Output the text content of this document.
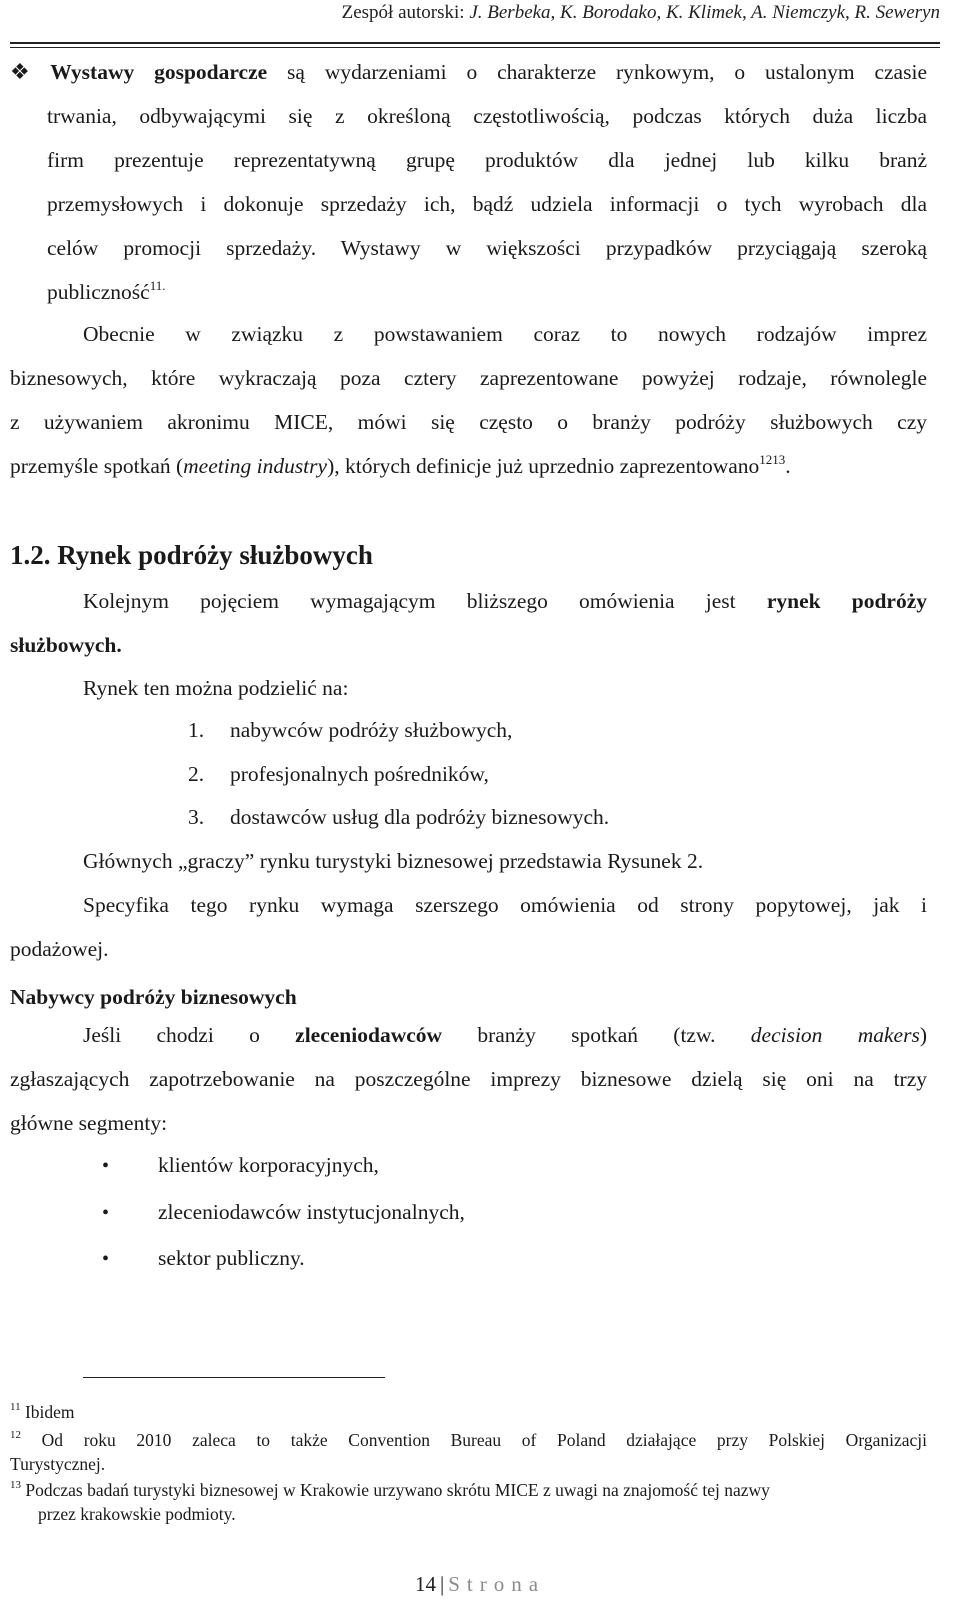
Zespół autorski: J. Berbeka, K. Borodako, K. Klimek, A. Niemczyk, R. Seweryn
❖ Wystawy gospodarcze są wydarzeniami o charakterze rynkowym, o ustalonym czasie
trwania, odbywającymi się z określoną częstotliwością, podczas których duża liczba
firm prezentuje reprezentatywną grupę produktów dla jednej lub kilku branż
przemysłowych i dokonuje sprzedaży ich, bądź udziela informacji o tych wyrobach dla
celów promocji sprzedaży. Wystawy w większości przypadków przyciągają szeroką
publiczność$^{11.}$
Obecnie w związku z powstawaniem coraz to nowych rodzajów imprez
biznesowych, które wykraczają poza cztery zaprezentowane powyżej rodzaje, równolegle
z używaniem akronimu MICE, mówi się często o branży podróży służbowych czy
przemyśle spotkań (meeting industry), których definicje już uprzednio zaprezentowano$^{1213}$.
1.2. Rynek podróży służbowych
Kolejnym pojęciem wymagającym bliższego omówienia jest rynek podróży
służbowych.
Rynek ten można podzielić na:
1. nabywców podróży służbowych,
2. profesjonalnych pośredników,
3. dostawców usług dla podróży biznesowych.
Głównych „graczy” rynku turystyki biznesowej przedstawia Rysunek 2.
Specyfika tego rynku wymaga szerszego omówienia od strony popytowej, jak i
podażowej.
Nabywcy podróży biznesowych
Jeśli chodzi o zleceniodawców branży spotkań (tzw. decision makers)
zgłaszających zapotrzebowanie na poszczególne imprezy biznesowe dzielą się oni na trzy
główne segmenty:
• klientów korporacyjnych,
• zleceniodawców instytucjonalnych,
• sektor publiczny.
$^{11}$ Ibidem
$^{12}$ Od roku 2010 zaleca to także Convention Bureau of Poland działające przy Polskiej Organizacji
Turystycznej.
$^{13}$ Podczas badań turystyki biznesowej w Krakowie urzywano skrótu MICE z uwagi na znajomość tej nazwy
przez krakowskie podmioty.
14 | Strona
